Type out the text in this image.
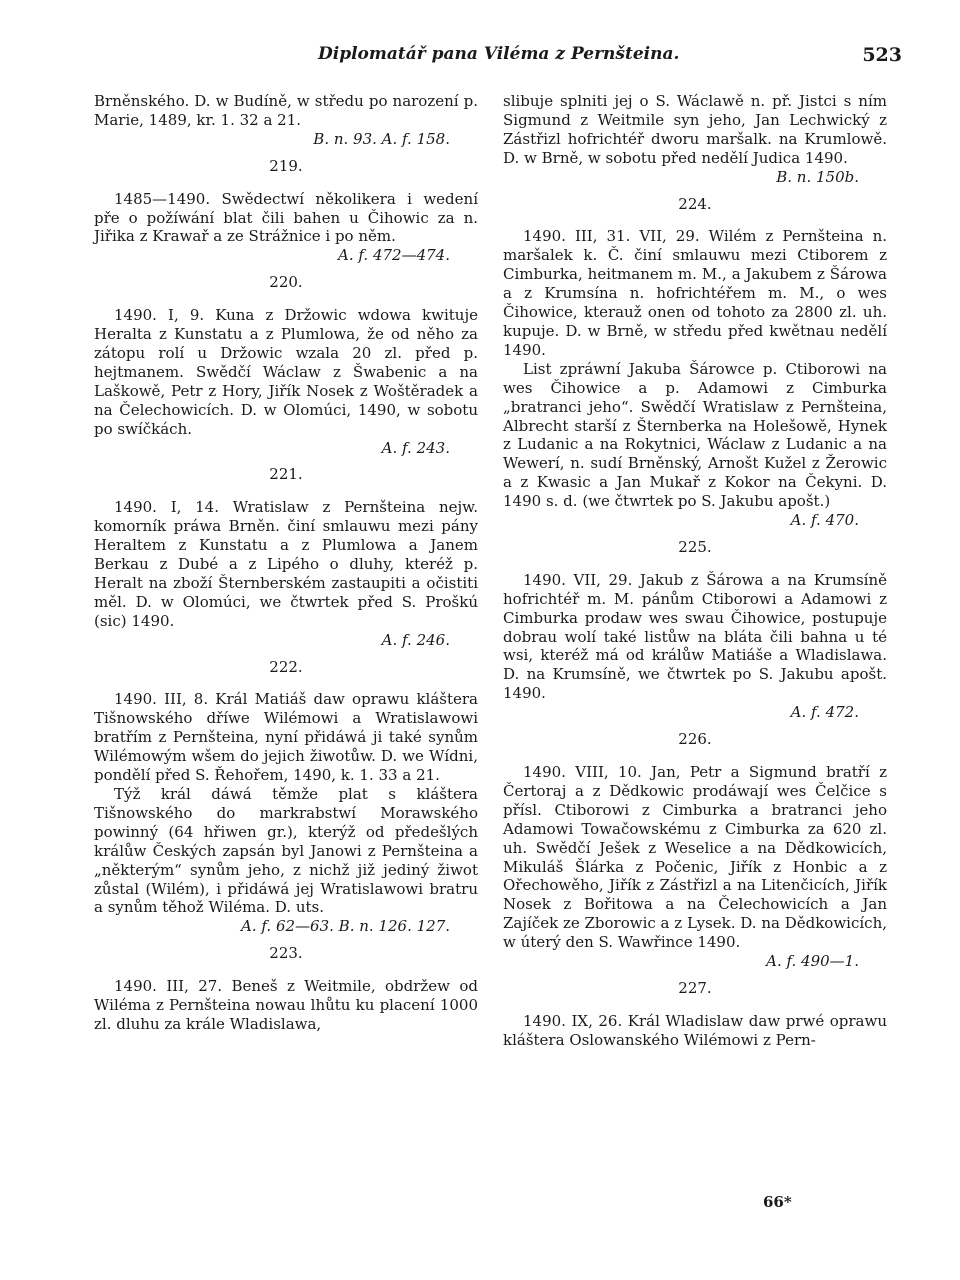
Diplomatář pana Viléma z Pernšteina.	523

Brněnského. D. w Budíně, w středu po narození p. Marie, 1489, kr. 1. 32 a 21.

B. n. 93. A. f. 158.
219.

1485—1490. Swědectwí několikera i wedení pře o požíwání blat čili bahen u Čihowic za n. Jiřika z Krawař a ze Strážnice i po něm.

A. f. 472—474.
220.

1490. I, 9. Kuna z Držowic wdowa kwituje Heralta z Kunstatu a z Plumlowa, že od něho za zátopu rolí u Držowic wzala 20 zl. před p. hejtmanem. Swědčí Wáclaw z Šwabenic a na Laškowě, Petr z Hory, Jiřík Nosek z Woštěradek a na Čelechowicích. D. w Olomúci, 1490, w sobotu po swíčkách.

A. f. 243.
221.

1490. I, 14. Wratislaw z Pernšteina nejw. komorník práwa Brněn. činí smlauwu mezi pány Heraltem z Kunstatu a z Plumlowa a Janem Berkau z Dubé a z Lipého o dluhy, kteréž p. Heralt na zboží Šternberském zastaupiti a očistiti měl. D. w Olomúci, we čtwrtek před S. Proškú (sic) 1490.

A. f. 246.
222.

1490. III, 8. Král Matiáš daw oprawu kláštera Tišnowského dříwe Wilémowi a Wratislawowi bratřím z Pernšteina, nyní přidáwá ji také synům Wilémowým wšem do jejich žiwotůw. D. we Wídni, pondělí před S. Řehořem, 1490, k. 1. 33 a 21.

Týž král dáwá těmže plat s kláštera Tišnowského do markrabstwí Morawského powinný (64 hřiwen gr.), kterýž od předešlých králůw Českých zapsán byl Janowi z Pernšteina a „některým“ synům jeho, z nichž již jediný žiwot zůstal (Wilém), i přidáwá jej Wratislawowi bratru a synům těhož Wiléma. D. uts.

A. f. 62—63. B. n. 126. 127.
223.

1490. III, 27. Beneš z Weitmile, obdržew od Wiléma z Pernšteina nowau lhůtu ku placení 1000 zl. dluhu za krále Wladislawa,

slibuje splniti jej o S. Wáclawě n. př. Jistci s ním Sigmund z Weitmile syn jeho, Jan Lechwický z Zástřizl hofrichtéř dworu maršalk. na Krumlowě. D. w Brně, w sobotu před nedělí Judica 1490.

B. n. 150b.
224.

1490. III, 31. VII, 29. Wilém z Pernšteina n. maršalek k. Č. činí smlauwu mezi Ctiborem z Cimburka, heitmanem m. M., a Jakubem z Šárowa a z Krumsína n. hofrichtéřem m. M., o wes Čihowice, kterauž onen od tohoto za 2800 zl. uh. kupuje. D. w Brně, w středu před kwětnau nedělí 1490.

List zpráwní Jakuba Šárowce p. Ctiborowi na wes Čihowice a p. Adamowi z Cimburka „bratranci jeho“. Swědčí Wratislaw z Pernšteina, Albrecht starší z Šternberka na Holešowě, Hynek z Ludanic a na Rokytnici, Wáclaw z Ludanic a na Wewerí, n. sudí Brněnský, Arnošt Kužel z Žerowic a z Kwasic a Jan Mukař z Kokor na Čekyni. D. 1490 s. d. (we čtwrtek po S. Jakubu apošt.)

A. f. 470.
225.

1490. VII, 29. Jakub z Šárowa a na Krumsíně hofrichtéř m. M. pánům Ctiborowi a Adamowi z Cimburka prodaw wes swau Čihowice, postupuje dobrau wolí také listůw na bláta čili bahna u té wsi, kteréž má od králůw Matiáše a Wladislawa. D. na Krumsíně, we čtwrtek po S. Jakubu apošt. 1490.

A. f. 472.
226.

1490. VIII, 10. Jan, Petr a Sigmund bratří z Čertoraj a z Dědkowic prodáwají wes Čelčice s přísl. Ctiborowi z Cimburka a bratranci jeho Adamowi Towačowskému z Cimburka za 620 zl. uh. Swědčí Ješek z Weselice a na Dědkowicích, Mikuláš Šlárka z Počenic, Jiřík z Honbic a z Ořechowěho, Jiřík z Zástřizl a na Litenčicích, Jiřík Nosek z Bořitowa a na Čelechowicích a Jan Zajíček ze Zborowic a z Lysek. D. na Dědkowicích, w úterý den S. Wawřince 1490.

A. f. 490—1.
227.

1490. IX, 26. Král Wladislaw daw prwé oprawu kláštera Oslowanského Wilémowi z Pern-

66*
